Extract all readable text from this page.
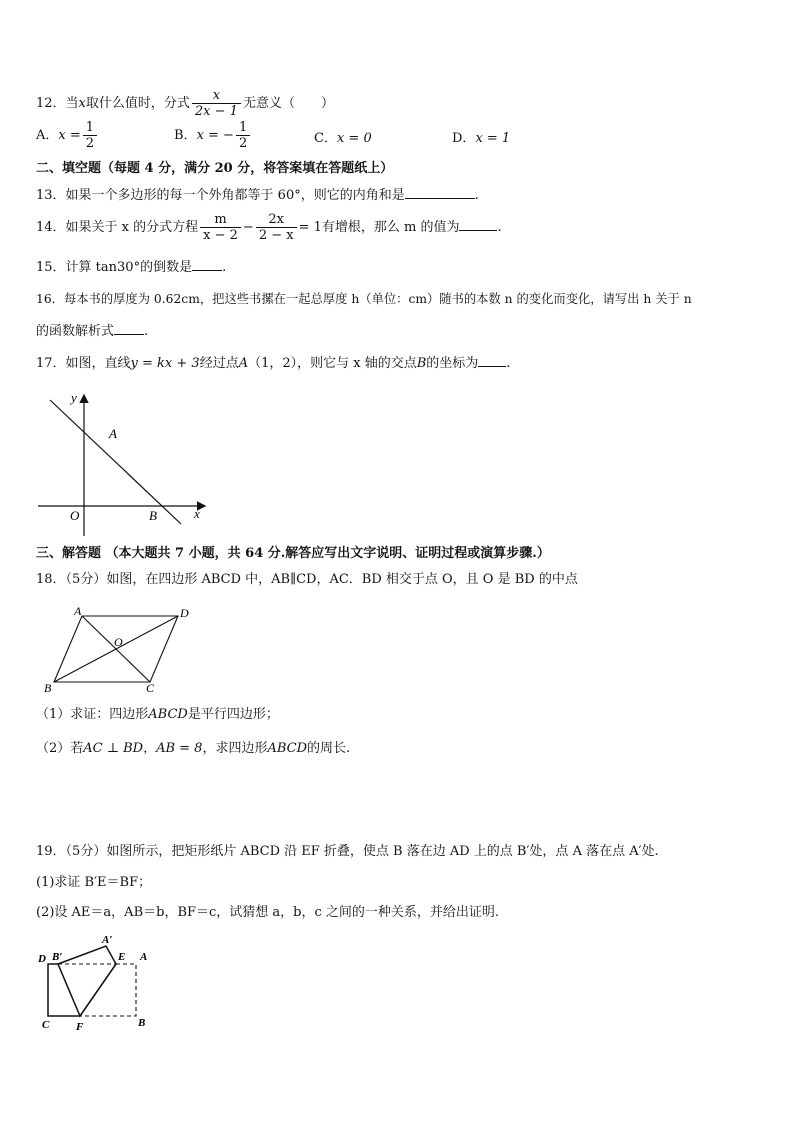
12．当x取什么值时，分式 $\frac{x}{2x - 1}$ 无意义（　　）
A．$x = \frac{1}{2}$	B．x = − $\frac{1}{2}$	C．x = 0	D．x = 1
二、填空题（每题 4 分，满分 20 分，将答案填在答题纸上）
13．如果一个多边形的每一个外角都等于 60°，则它的内角和是	.
14．如果关于 x 的分式方程 $\frac{m}{x - 2} - \frac{2x}{2 - x} = 1$有增根，那么 m 的值为	.
15．计算 tan30°的倒数是 .
16．每本书的厚度为 0.62cm，把这些书摞在一起总厚度 h（单位：cm）随书的本数 n 的变化而变化，请写出 h 关于 n
的函数解析式 .
17．如图，直线y = kx + 3经过点A（1，2），则它与 x 轴的交点B的坐标为 .
y
x
O
A
B
三、解答题 （本大题共 7 小题，共 64 分.解答应写出文字说明、证明过程或演算步骤.）
18．（5分）如图，在四边形 ABCD 中，AB∥CD，AC．BD 相交于点 O，且 O 是 BD 的中点
A	D
O
B	C
（1）求证：四边形ABCD是平行四边形；
（2）若AC ⊥ BD，AB = 8，求四边形ABCD的周长.
19．（5分）如图所示，把矩形纸片 ABCD 沿 EF 折叠，使点 B 落在边 AD 上的点 B′处，点 A 落在点 A′处.
(1)求证 B′E＝BF；
(2)设 AE＝a，AB＝b，BF＝c，试猜想 a，b，c 之间的一种关系，并给出证明.
D B′
A′
E A
C F	B
